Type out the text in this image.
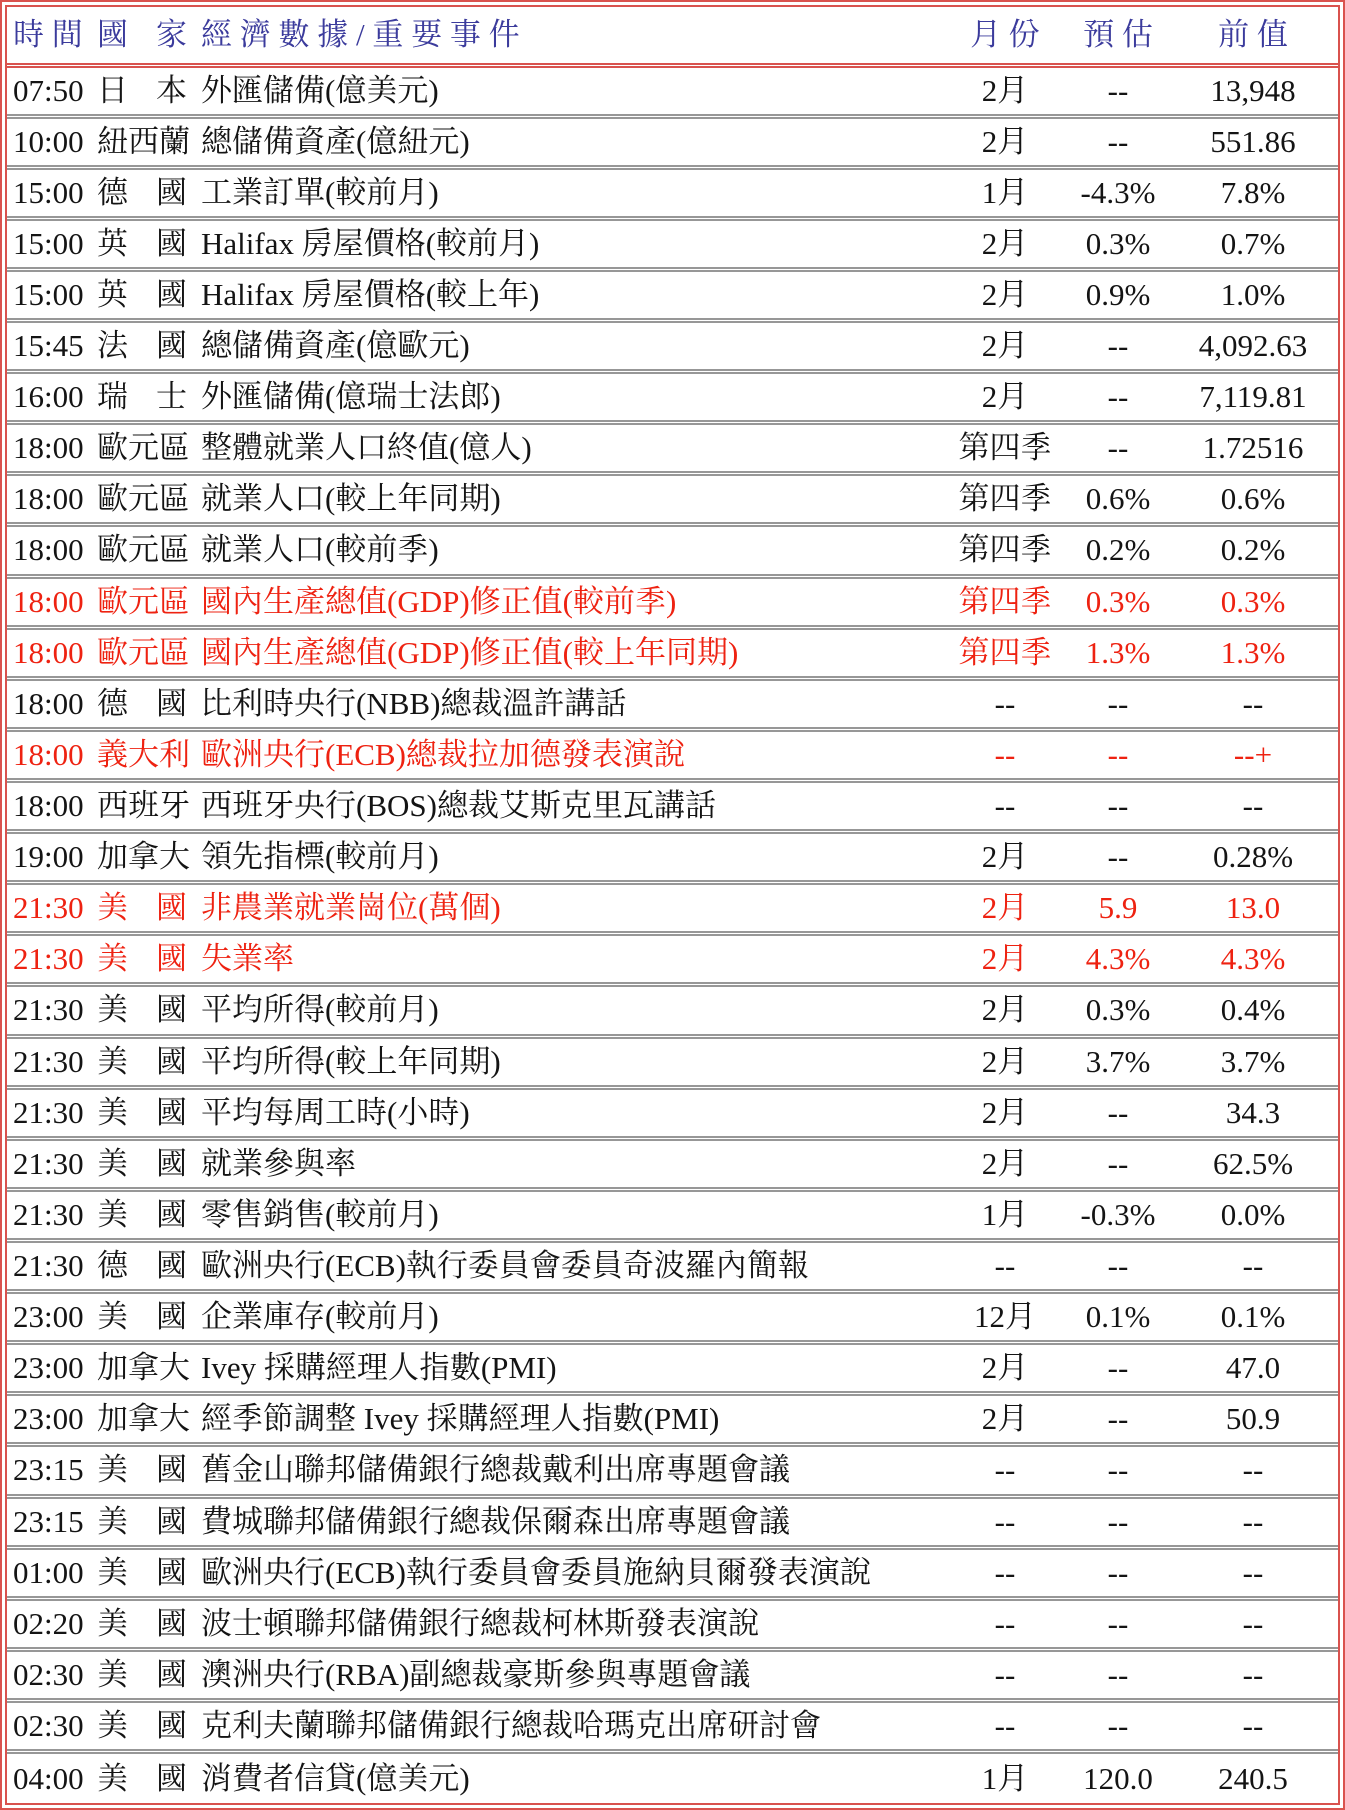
時 間	國 家	經 濟 數 據 / 重 要 事 件	月 份	預 估	前 值
07:50	日 本	外匯儲備(億美元)	2月	--	13,948
10:00	紐 西 蘭	總儲備資產(億紐元)	2月	--	551.86
15:00	德 國	工業訂單(較前月)	1月	-4.3%	7.8%
15:00	英 國	Halifax 房屋價格(較前月)	2月	0.3%	0.7%
15:00	英 國	Halifax 房屋價格(較上年)	2月	0.9%	1.0%
15:45	法 國	總儲備資產(億歐元)	2月	--	4,092.63
16:00	瑞 士	外匯儲備(億瑞士法郎)	2月	--	7,119.81
18:00	歐 元 區	整體就業人口終值(億人)	第四季	--	1.72516
18:00	歐 元 區	就業人口(較上年同期)	第四季	0.6%	0.6%
18:00	歐 元 區	就業人口(較前季)	第四季	0.2%	0.2%
18:00	歐 元 區	國內生產總值(GDP)修正值(較前季)	第四季	0.3%	0.3%
18:00	歐 元 區	國內生產總值(GDP)修正值(較上年同期)	第四季	1.3%	1.3%
18:00	德 國	比利時央行(NBB)總裁溫許講話	--	--	--
18:00	義 大 利	歐洲央行(ECB)總裁拉加德發表演說	--	--	--+
18:00	西 班 牙	西班牙央行(BOS)總裁艾斯克里瓦講話	--	--	--
19:00	加 拿 大	領先指標(較前月)	2月	--	0.28%
21:30	美 國	非農業就業崗位(萬個)	2月	5.9	13.0
21:30	美 國	失業率	2月	4.3%	4.3%
21:30	美 國	平均所得(較前月)	2月	0.3%	0.4%
21:30	美 國	平均所得(較上年同期)	2月	3.7%	3.7%
21:30	美 國	平均每周工時(小時)	2月	--	34.3
21:30	美 國	就業參與率	2月	--	62.5%
21:30	美 國	零售銷售(較前月)	1月	-0.3%	0.0%
21:30	德 國	歐洲央行(ECB)執行委員會委員奇波羅內簡報	--	--	--
23:00	美 國	企業庫存(較前月)	12月	0.1%	0.1%
23:00	加 拿 大	Ivey 採購經理人指數(PMI)	2月	--	47.0
23:00	加 拿 大	經季節調整 Ivey 採購經理人指數(PMI)	2月	--	50.9
23:15	美 國	舊金山聯邦儲備銀行總裁戴利出席專題會議	--	--	--
23:15	美 國	費城聯邦儲備銀行總裁保爾森出席專題會議	--	--	--
01:00	美 國	歐洲央行(ECB)執行委員會委員施納貝爾發表演說	--	--	--
02:20	美 國	波士頓聯邦儲備銀行總裁柯林斯發表演說	--	--	--
02:30	美 國	澳洲央行(RBA)副總裁豪斯參與專題會議	--	--	--
02:30	美 國	克利夫蘭聯邦儲備銀行總裁哈瑪克出席研討會	--	--	--
04:00	美 國	消費者信貸(億美元)	1月	120.0	240.5
